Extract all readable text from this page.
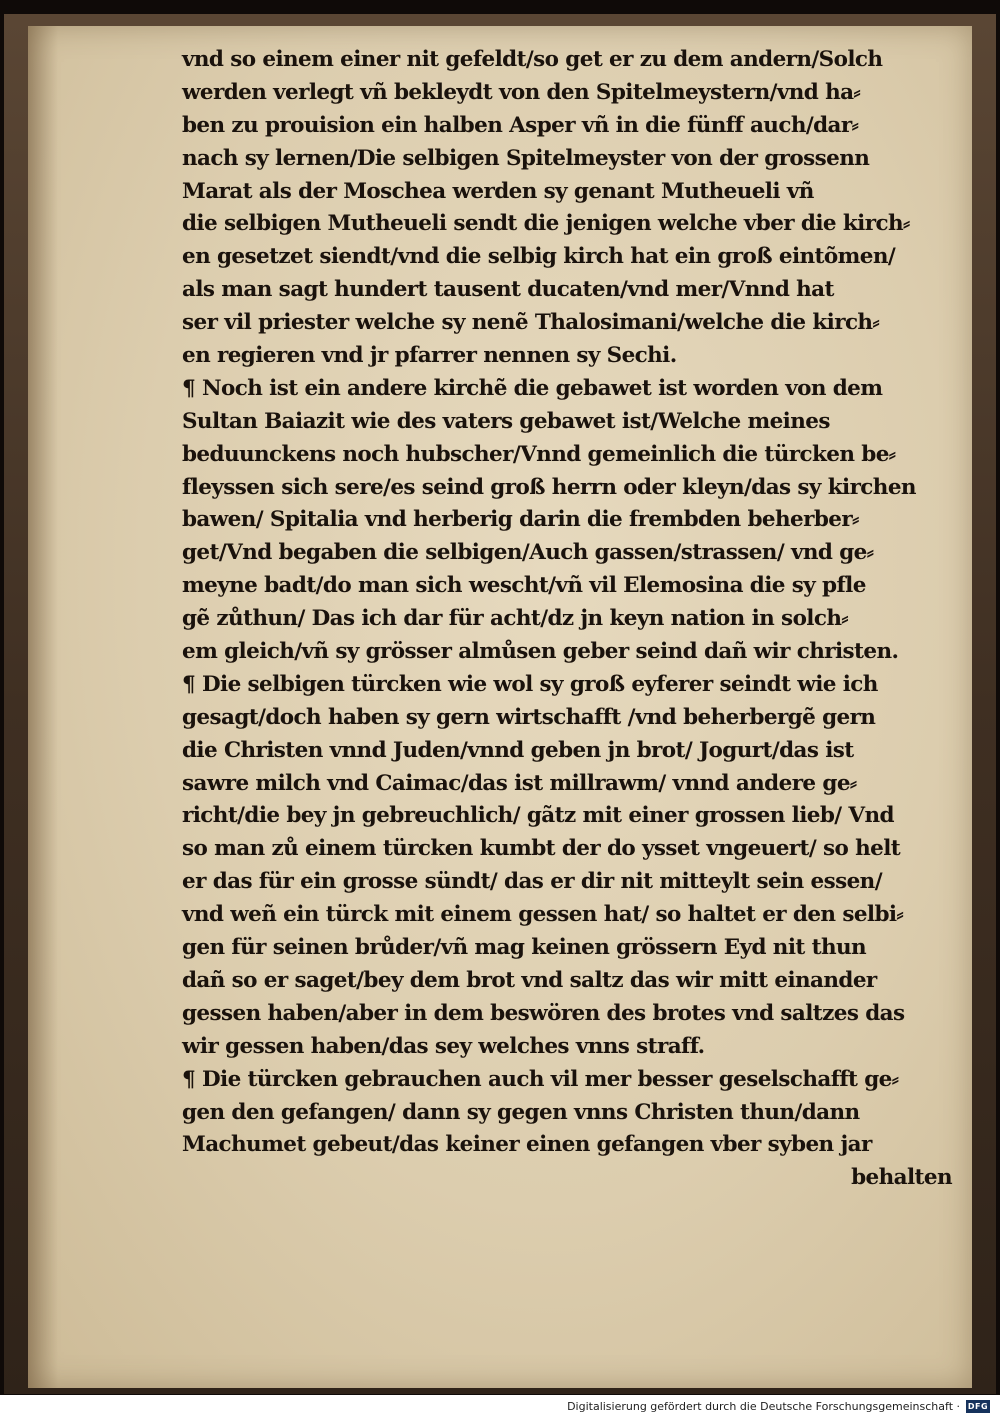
vnd so einem einer nit gefeldt/so get er zu dem andern/Solch
werden verlegt vñ bekleydt von den Spitelmeystern/vnd ha⸗
ben zu prouision ein halben Asper vñ in die fünff auch/dar⸗
nach sy lernen/Die selbigen Spitelmeyster von der grossenn
Marat als der Moschea werden sy genant Mutheueli vñ
die selbigen Mutheueli sendt die jenigen welche vber die kirch⸗
en gesetzet siendt/vnd die selbig kirch hat ein groß eintõmen/
als man sagt hundert tausent ducaten/vnd mer/Vnnd hat
ser vil priester welche sy nenẽ Thalosimani/welche die kirch⸗
en regieren vnd jr pfarrer nennen sy Sechi.
¶ Noch ist ein andere kirchẽ die gebawet ist worden von dem
Sultan Baiazit wie des vaters gebawet ist/Welche meines
beduunckens noch hubscher/Vnnd gemeinlich die türcken be⸗
fleyssen sich sere/es seind groß herrn oder kleyn/das sy kirchen
bawen/ Spitalia vnd herberig darin die frembden beherber⸗
get/Vnd begaben die selbigen/Auch gassen/strassen/ vnd ge⸗
meyne badt/do man sich wescht/vñ vil Elemosina die sy pfle
gẽ zůthun/ Das ich dar für acht/dz jn keyn nation in solch⸗
em gleich/vñ sy grösser almůsen geber seind dañ wir christen.
¶ Die selbigen türcken wie wol sy groß eyferer seindt wie ich
gesagt/doch haben sy gern wirtschafft /vnd beherbergẽ gern
die Christen vnnd Juden/vnnd geben jn brot/ Jogurt/das ist
sawre milch vnd Caimac/das ist millrawm/ vnnd andere ge⸗
richt/die bey jn gebreuchlich/ gãtz mit einer grossen lieb/ Vnd
so man zů einem türcken kumbt der do ysset vngeuert/ so helt
er das für ein grosse sündt/ das er dir nit mitteylt sein essen/
vnd weñ ein türck mit einem gessen hat/ so haltet er den selbi⸗
gen für seinen brůder/vñ mag keinen grössern Eyd nit thun
dañ so er saget/bey dem brot vnd saltz das wir mitt einander
gessen haben/aber in dem beswören des brotes vnd saltzes das
wir gessen haben/das sey welches vnns straff.
¶ Die türcken gebrauchen auch vil mer besser geselschafft ge⸗
gen den gefangen/ dann sy gegen vnns Christen thun/dann
Machumet gebeut/das keiner einen gefangen vber syben jar
behalten
Digitalisierung gefördert durch die Deutsche Forschungsgemeinschaft · DFG
